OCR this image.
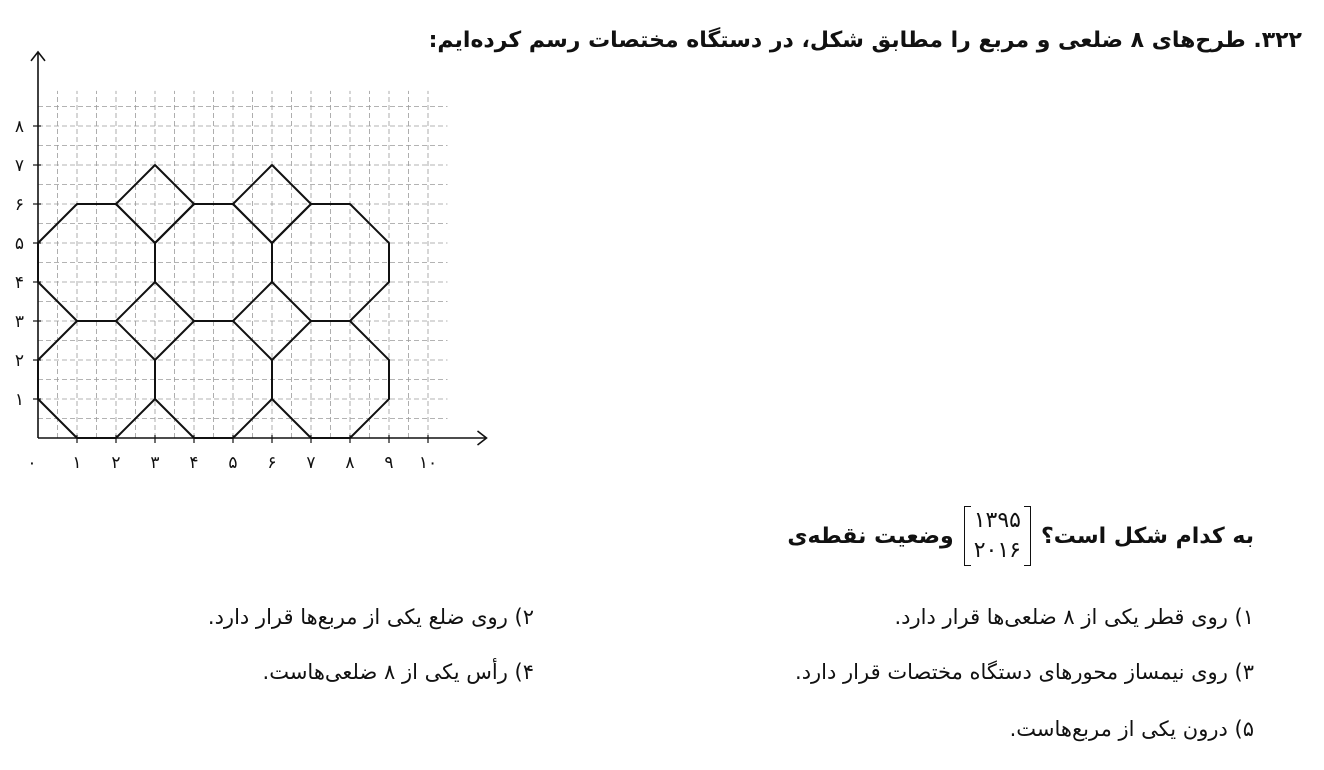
۳۲۲. طرح‌های ۸ ضلعی و مربع را مطابق شکل، در دستگاه مختصات رسم کرده‌ایم:
۰ ۱ ۲ ۳ ۴ ۵ ۶ ۷ ۸ ۹ ۱۰
۱
۲
۳
۴
۵
۶
۷
۸
وضعیت نقطه‌ی
۱۳۹۵
۲۰۱۶
به کدام شکل است؟
۱) روی قطر یکی از ۸ ضلعی‌ها قرار دارد.
۲) روی ضلع یکی از مربع‌ها قرار دارد.
۳) روی نیمساز محورهای دستگاه مختصات قرار دارد.
۴) رأس یکی از ۸ ضلعی‌هاست.
۵) درون یکی از مربع‌هاست.
